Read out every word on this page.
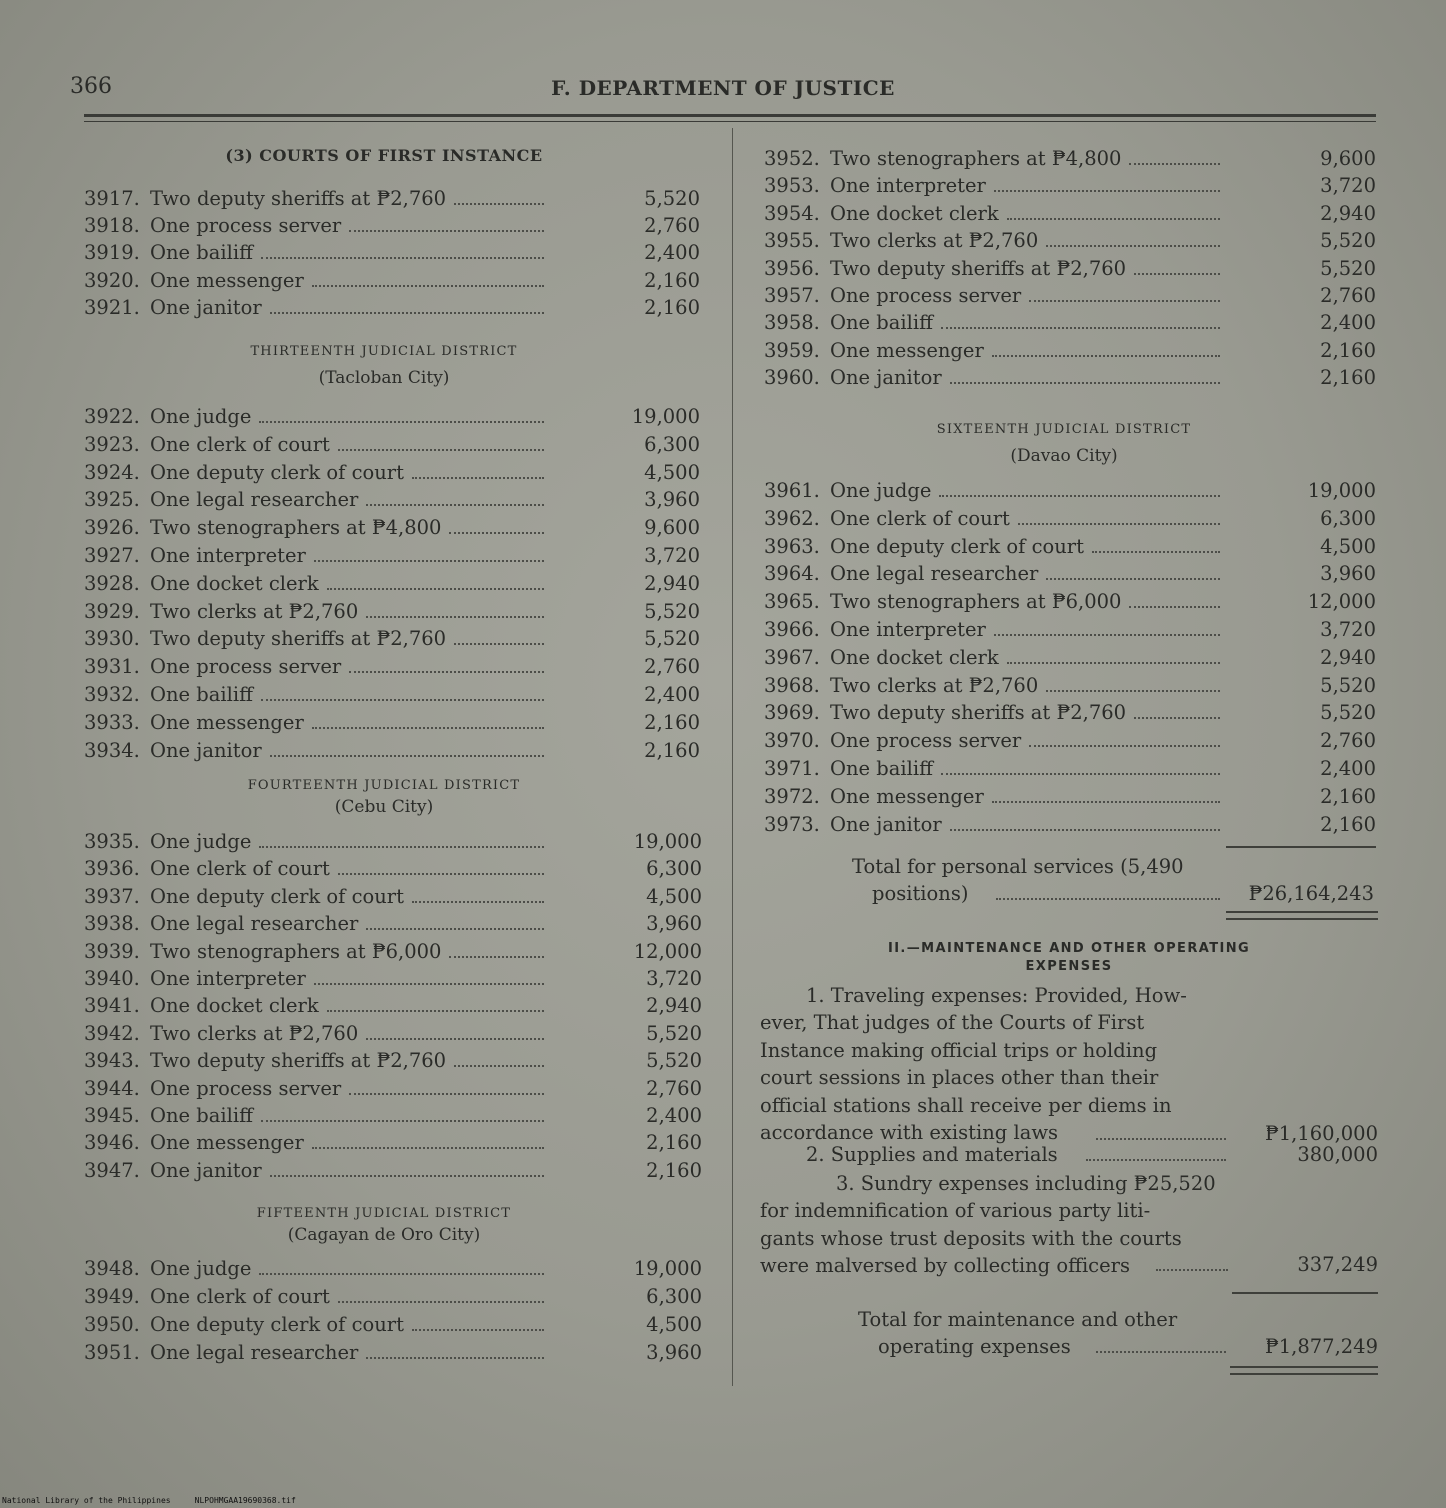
366	F. DEPARTMENT OF JUSTICE
(3) COURTS OF FIRST INSTANCE
3917. Two deputy sheriffs at ₱2,760	5,520
3918. One process server	2,760
3919. One bailiff	2,400
3920. One messenger	2,160
3921. One janitor	2,160
THIRTEENTH JUDICIAL DISTRICT
(Tacloban City)
3922. One judge	19,000
3923. One clerk of court	6,300
3924. One deputy clerk of court	4,500
3925. One legal researcher	3,960
3926. Two stenographers at ₱4,800	9,600
3927. One interpreter	3,720
3928. One docket clerk	2,940
3929. Two clerks at ₱2,760	5,520
3930. Two deputy sheriffs at ₱2,760	5,520
3931. One process server	2,760
3932. One bailiff	2,400
3933. One messenger	2,160
3934. One janitor	2,160
FOURTEENTH JUDICIAL DISTRICT
(Cebu City)
3935. One judge	19,000
3936. One clerk of court	6,300
3937. One deputy clerk of court	4,500
3938. One legal researcher	3,960
3939. Two stenographers at ₱6,000	12,000
3940. One interpreter	3,720
3941. One docket clerk	2,940
3942. Two clerks at ₱2,760	5,520
3943. Two deputy sheriffs at ₱2,760	5,520
3944. One process server	2,760
3945. One bailiff	2,400
3946. One messenger	2,160
3947. One janitor	2,160
FIFTEENTH JUDICIAL DISTRICT
(Cagayan de Oro City)
3948. One judge	19,000
3949. One clerk of court	6,300
3950. One deputy clerk of court	4,500
3951. One legal researcher	3,960
3952. Two stenographers at ₱4,800	9,600
3953. One interpreter	3,720
3954. One docket clerk	2,940
3955. Two clerks at ₱2,760	5,520
3956. Two deputy sheriffs at ₱2,760	5,520
3957. One process server	2,760
3958. One bailiff	2,400
3959. One messenger	2,160
3960. One janitor	2,160
SIXTEENTH JUDICIAL DISTRICT
(Davao City)
3961. One judge	19,000
3962. One clerk of court	6,300
3963. One deputy clerk of court	4,500
3964. One legal researcher	3,960
3965. Two stenographers at ₱6,000	12,000
3966. One interpreter	3,720
3967. One docket clerk	2,940
3968. Two clerks at ₱2,760	5,520
3969. Two deputy sheriffs at ₱2,760	5,520
3970. One process server	2,760
3971. One bailiff	2,400
3972. One messenger	2,160
3973. One janitor	2,160
Total for personal services (5,490
positions)	₱26,164,243
II.—MAINTENANCE AND OTHER OPERATING
EXPENSES
1. Traveling expenses: Provided, How-
ever, That judges of the Courts of First
Instance making official trips or holding
court sessions in places other than their
official stations shall receive per diems in
accordance with existing laws	₱1,160,000
2. Supplies and materials	380,000
3. Sundry expenses including ₱25,520
for indemnification of various party liti-
gants whose trust deposits with the courts
were malversed by collecting officers	337,249
Total for maintenance and other
operating expenses	₱1,877,249
National Library of the Philippines	NLPOHMGAA19690368.tif
